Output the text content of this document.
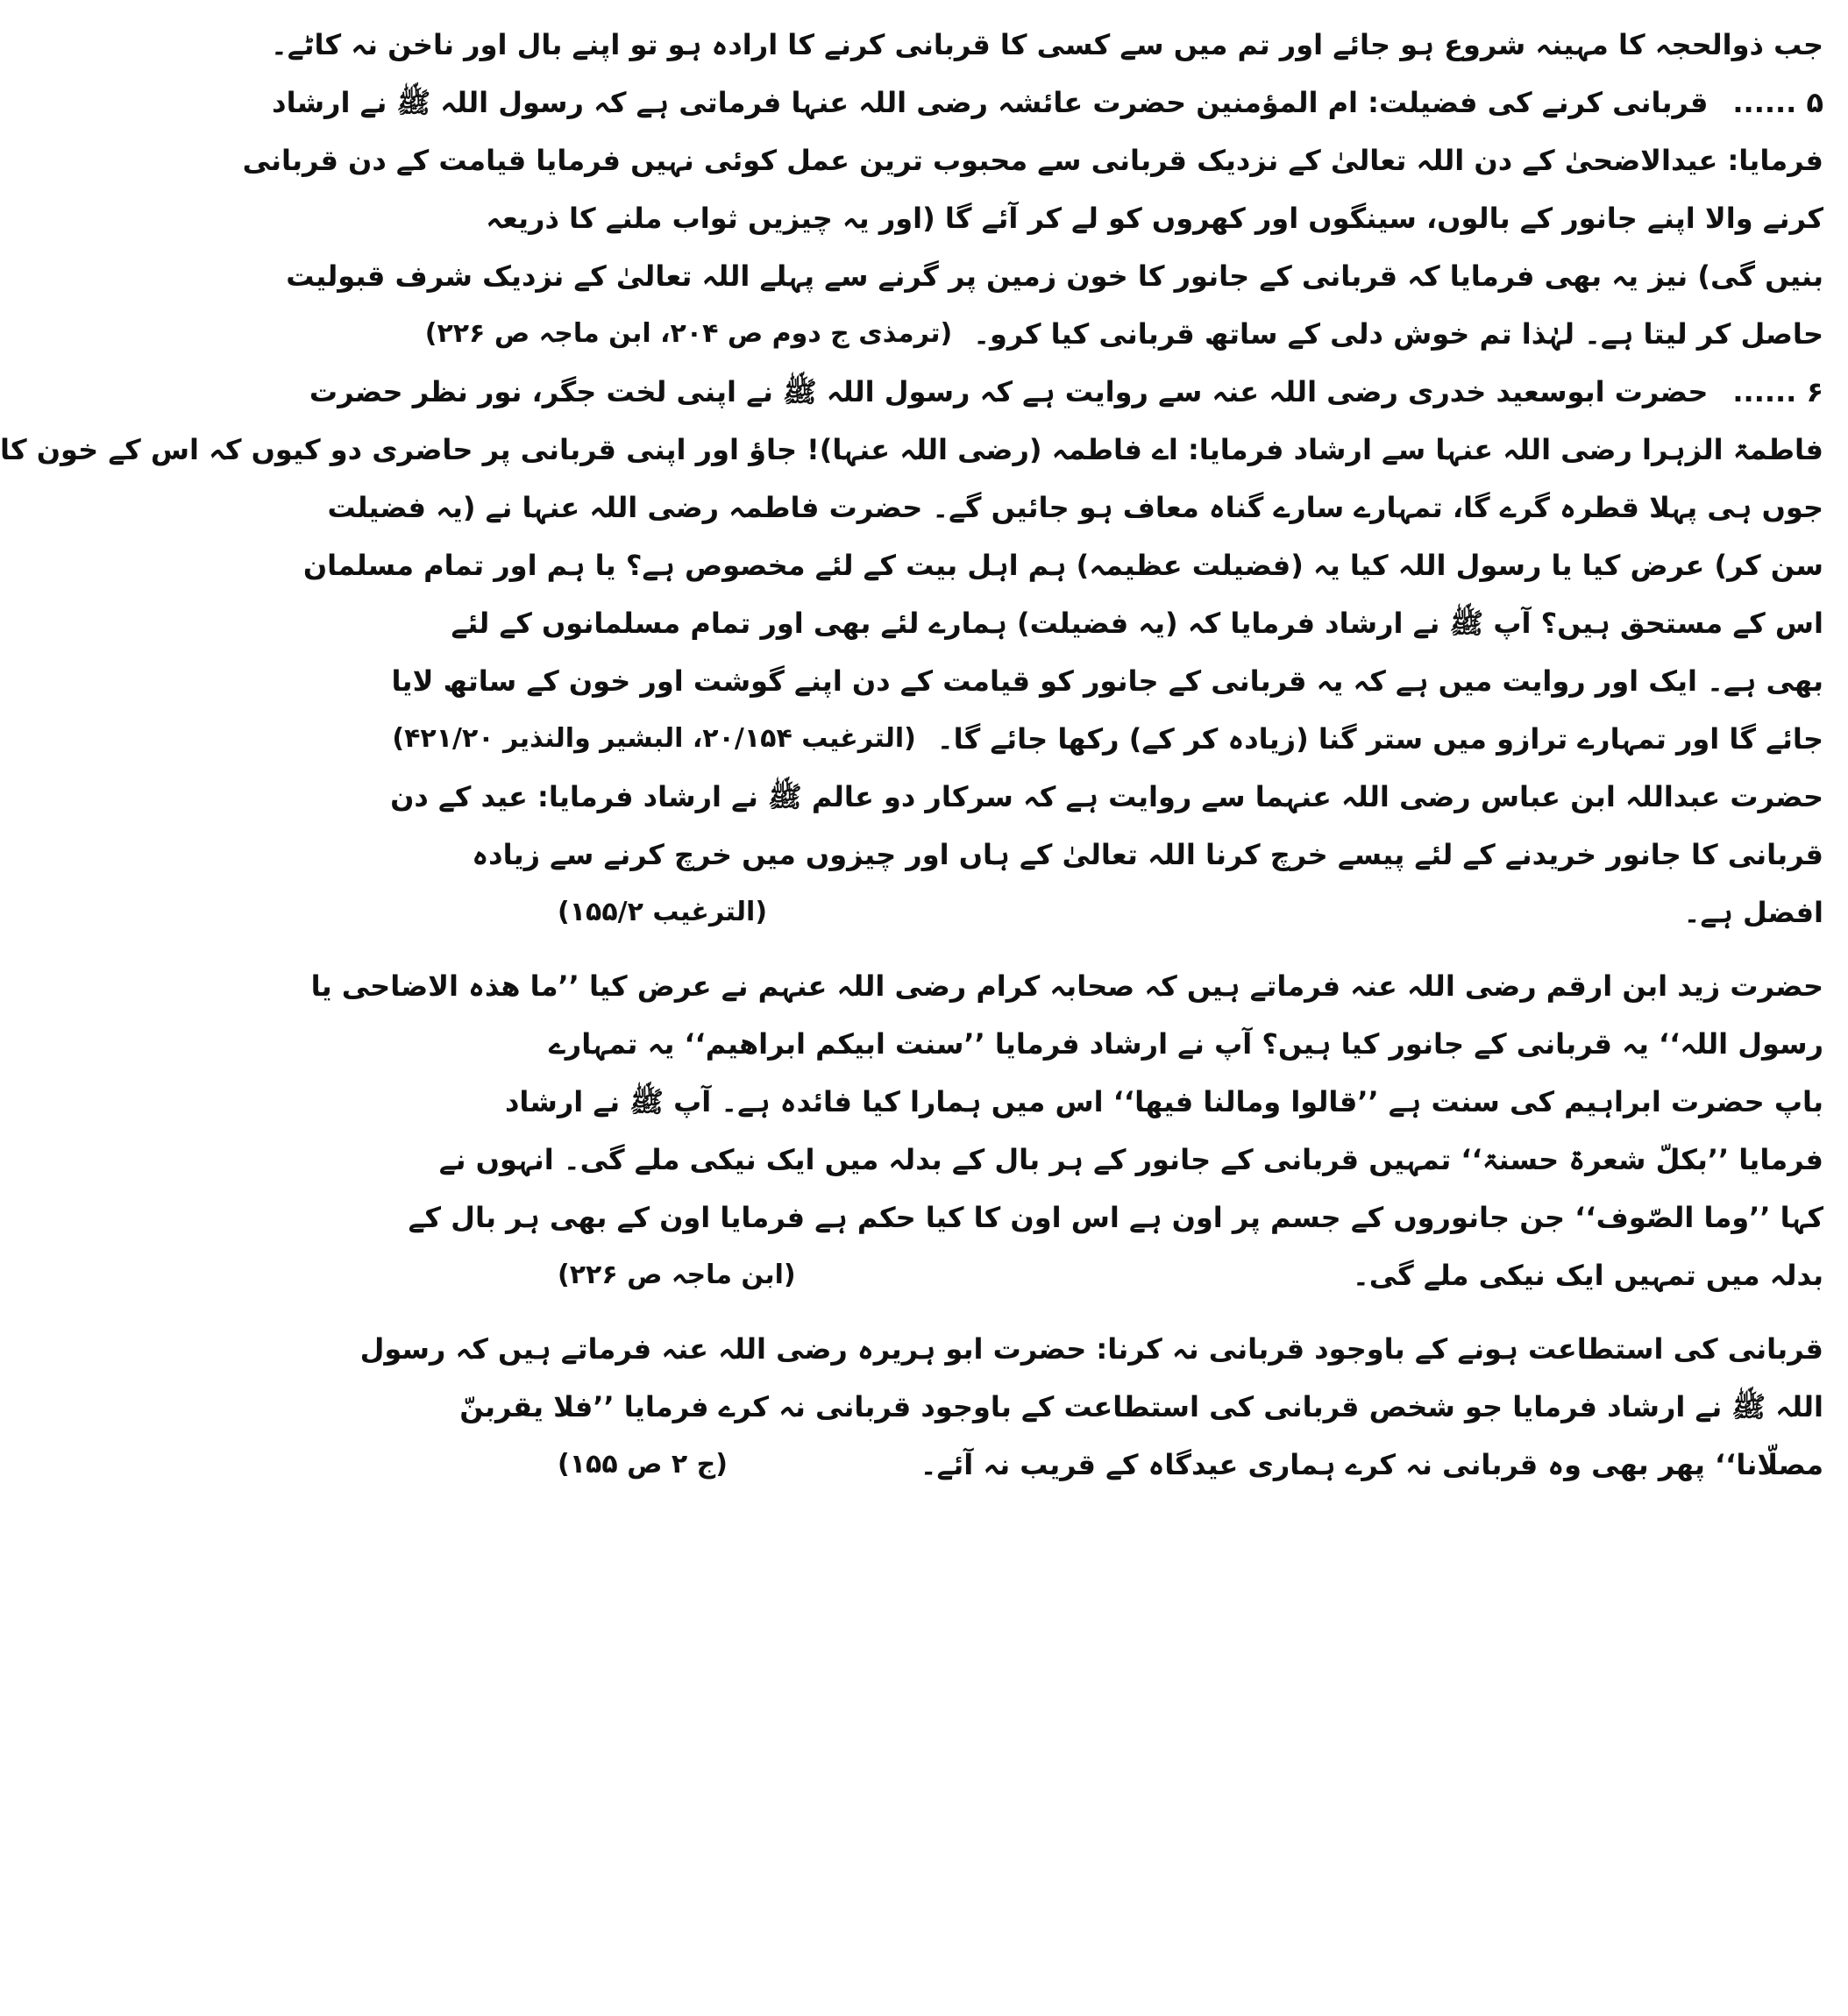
جب ذوالحجہ کا مہینہ شروع ہو جائے اور تم میں سے کسی کا قربانی کرنے کا ارادہ ہو تو اپنے بال اور ناخن نہ کاٹے۔
۵ ......
قربانی کرنے کی فضیلت: ام المؤمنین حضرت عائشہ رضی اللہ عنہا فرماتی ہے کہ رسول اللہ ﷺ نے ارشاد
فرمایا: عیدالاضحیٰ کے دن اللہ تعالیٰ کے نزدیک قربانی سے محبوب ترین عمل کوئی نہیں فرمایا قیامت کے دن قربانی
کرنے والا اپنے جانور کے بالوں، سینگوں اور کھروں کو لے کر آئے گا (اور یہ چیزیں ثواب ملنے کا ذریعہ
بنیں گی) نیز یہ بھی فرمایا کہ قربانی کے جانور کا خون زمین پر گرنے سے پہلے اللہ تعالیٰ کے نزدیک شرف قبولیت
حاصل کر لیتا ہے۔ لہٰذا تم خوش دلی کے ساتھ قربانی کیا کرو۔
(ترمذی ج دوم ص ۲۰۴، ابن ماجہ ص ۲۲۶)
۶ ......
حضرت ابوسعید خدری رضی اللہ عنہ سے روایت ہے کہ رسول اللہ ﷺ نے اپنی لخت جگر، نور نظر حضرت
فاطمۃ الزہرا رضی اللہ عنہا سے ارشاد فرمایا: اے فاطمہ (رضی اللہ عنہا)! جاؤ اور اپنی قربانی پر حاضری دو کیوں کہ اس کے خون کا
جوں ہی پہلا قطرہ گرے گا، تمہارے سارے گناہ معاف ہو جائیں گے۔ حضرت فاطمہ رضی اللہ عنہا نے (یہ فضیلت
سن کر) عرض کیا یا رسول اللہ کیا یہ (فضیلت عظیمہ) ہم اہل بیت کے لئے مخصوص ہے؟ یا ہم اور تمام مسلمان
اس کے مستحق ہیں؟ آپ ﷺ نے ارشاد فرمایا کہ (یہ فضیلت) ہمارے لئے بھی اور تمام مسلمانوں کے لئے
بھی ہے۔ ایک اور روایت میں ہے کہ یہ قربانی کے جانور کو قیامت کے دن اپنے گوشت اور خون کے ساتھ لایا
جائے گا اور تمہارے ترازو میں ستر گنا (زیادہ کر کے) رکھا جائے گا۔
(الترغیب ۲۰/۱۵۴، البشیر والنذیر ۴۲۱/۲۰)
حضرت عبداللہ ابن عباس رضی اللہ عنہما سے روایت ہے کہ سرکار دو عالم ﷺ نے ارشاد فرمایا: عید کے دن
قربانی کا جانور خریدنے کے لئے پیسے خرچ کرنا اللہ تعالیٰ کے ہاں اور چیزوں میں خرچ کرنے سے زیادہ
افضل ہے۔
(الترغیب ۱۵۵/۲)
حضرت زید ابن ارقم رضی اللہ عنہ فرماتے ہیں کہ صحابہ کرام رضی اللہ عنہم نے عرض کیا ’’ما ھذہ الاضاحی یا
رسول اللہ‘‘ یہ قربانی کے جانور کیا ہیں؟ آپ نے ارشاد فرمایا ’’سنت ابیکم ابراھیم‘‘ یہ تمہارے
باپ حضرت ابراہیم کی سنت ہے ’’قالوا ومالنا فیھا‘‘ اس میں ہمارا کیا فائدہ ہے۔ آپ ﷺ نے ارشاد
فرمایا ’’بکلّ شعرۃ حسنۃ‘‘ تمہیں قربانی کے جانور کے ہر بال کے بدلہ میں ایک نیکی ملے گی۔ انہوں نے
کہا ’’وما الصّوف‘‘ جن جانوروں کے جسم پر اون ہے اس اون کا کیا حکم ہے فرمایا اون کے بھی ہر بال کے
بدلہ میں تمہیں ایک نیکی ملے گی۔
(ابن ماجہ ص ۲۲۶)
قربانی کی استطاعت ہونے کے باوجود قربانی نہ کرنا: حضرت ابو ہریرہ رضی اللہ عنہ فرماتے ہیں کہ رسول
اللہ ﷺ نے ارشاد فرمایا جو شخص قربانی کی استطاعت کے باوجود قربانی نہ کرے فرمایا ’’فلا یقربنّ
مصلّانا‘‘ پھر بھی وہ قربانی نہ کرے ہماری عیدگاہ کے قریب نہ آئے۔
(ج ۲ ص ۱۵۵)
